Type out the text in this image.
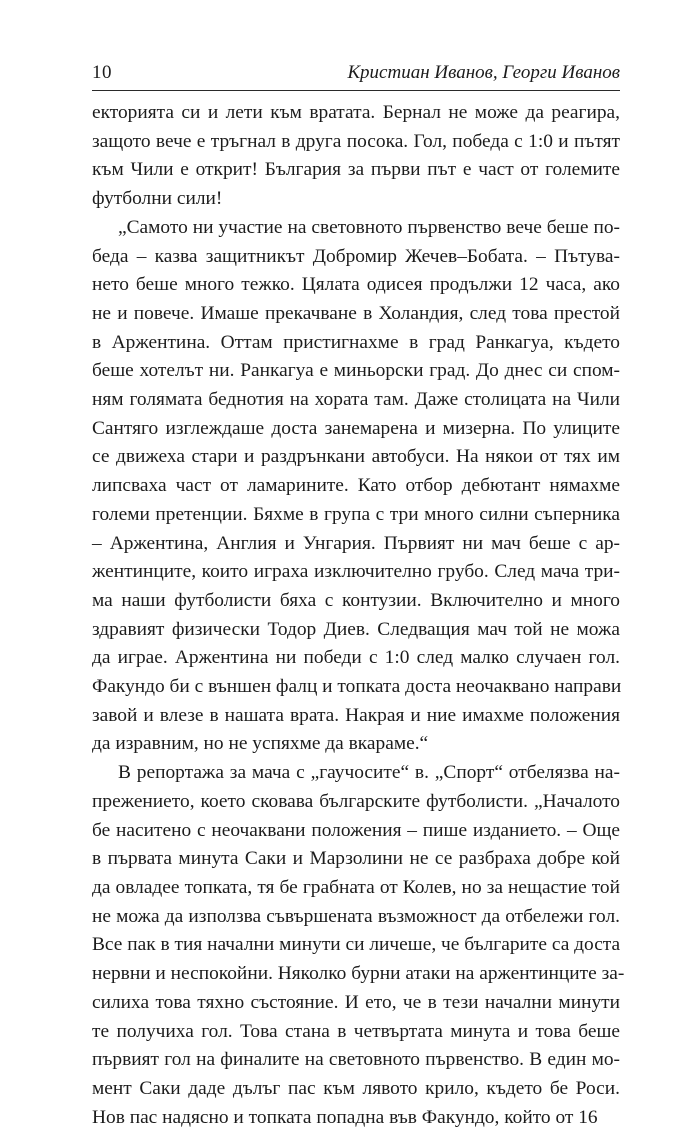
10	Кристиан Иванов, Георги Иванов

екторията си и лети към вратата. Бернал не може да реагира,
защото вече е тръгнал в друга посока. Гол, победа с 1:0 и пътят
към Чили е открит! България за първи път е част от големите
футболни сили!

„Самото ни участие на световното първенство вече беше по-
беда – казва защитникът Добромир Жечев–Бобата. – Пътува-
нето беше много тежко. Цялата одисея продължи 12 часа, ако
не и повече. Имаше прекачване в Холандия, след това престой
в Аржентина. Оттам пристигнахме в град Ранкагуа, където
беше хотелът ни. Ранкагуа е миньорски град. До днес си спом-
ням голямата беднотия на хората там. Даже столицата на Чили
Сантяго изглеждаше доста занемарена и мизерна. По улиците
се движеха стари и раздрънкани автобуси. На някои от тях им
липсваха част от ламарините. Като отбор дебютант нямахме
големи претенции. Бяхме в група с три много силни съперника
– Аржентина, Англия и Унгария. Първият ни мач беше с ар-
жентинците, които играха изключително грубо. След мача три-
ма наши футболисти бяха с контузии. Включително и много
здравият физически Тодор Диев. Следващия мач той не можа
да играе. Аржентина ни победи с 1:0 след малко случаен гол.
Факундо би с външен фалц и топката доста неочаквано направи
завой и влезе в нашата врата. Накрая и ние имахме положения
да изравним, но не успяхме да вкараме.“

В репортажа за мача с „гаучосите“ в. „Спорт“ отбелязва на-
прежението, което сковава българските футболисти. „Началото
бе наситено с неочаквани положения – пише изданието. – Още
в първата минута Саки и Марзолини не се разбраха добре кой
да овладее топката, тя бе грабната от Колев, но за нещастие той
не можа да използва съвършената възможност да отбележи гол.
Все пак в тия начални минути си личеше, че българите са доста
нервни и неспокойни. Няколко бурни атаки на аржентинците за-
силиха това тяхно състояние. И ето, че в тези начални минути
те получиха гол. Това стана в четвъртата минута и това беше
първият гол на финалите на световното първенство. В един мо-
мент Саки даде дълъг пас към лявото крило, където бе Роси.
Нов пас надясно и топката попадна във Факундо, който от 16
